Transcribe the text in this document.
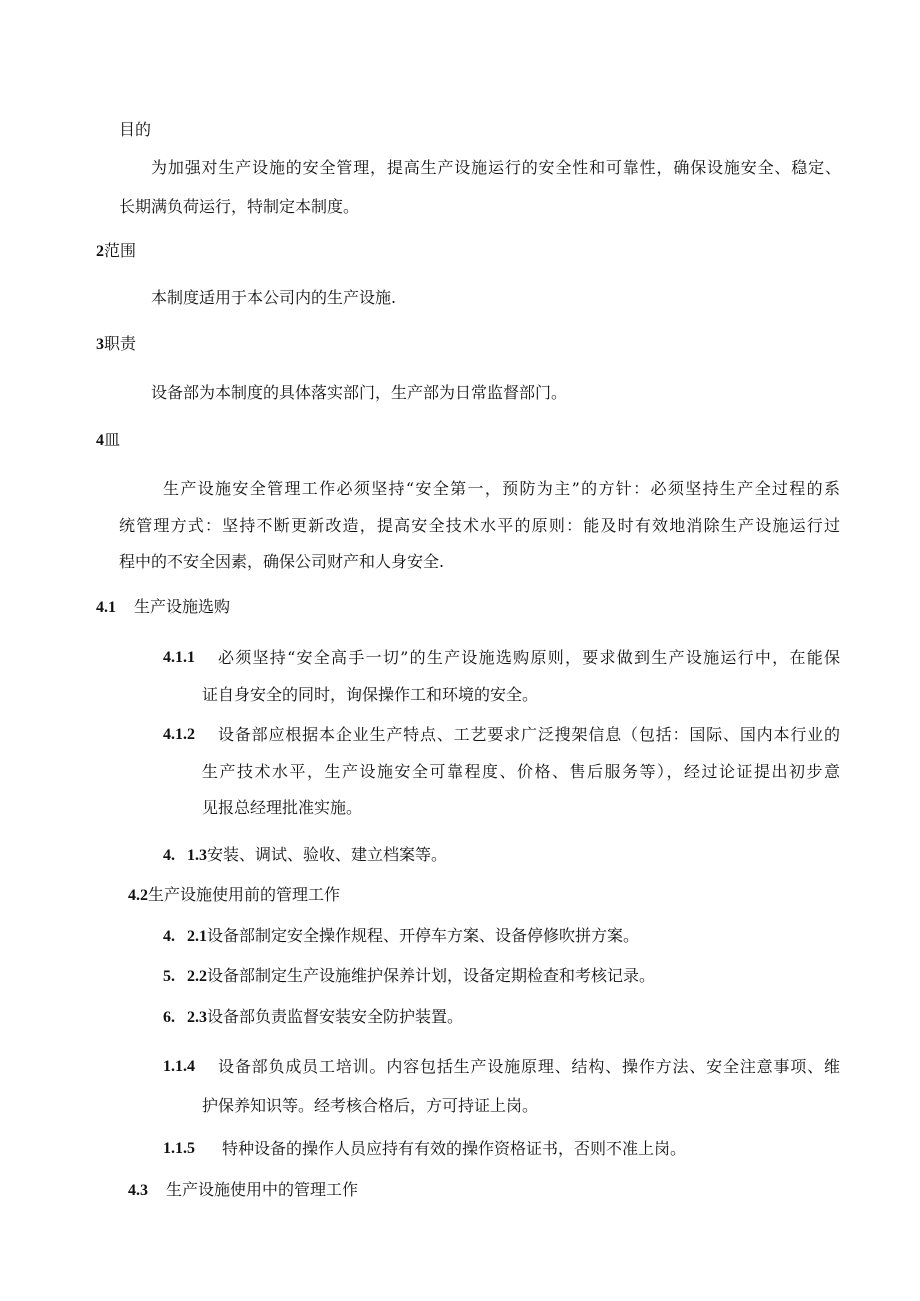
目的
为加强对生产设施的安全管理，提高生产设施运行的安全性和可靠性，确保设施安全、稳定、
长期满负荷运行，特制定本制度。
2范围
本制度适用于本公司内的生产设施.
3职责
设备部为本制度的具体落实部门，生产部为日常监督部门。
4皿
生产设施安全管理工作必须坚持“安全第一，预防为主”的方针：必须坚持生产全过程的系
统管理方式：坚持不断更新改造，提高安全技术水平的原则：能及时有效地消除生产设施运行过
程中的不安全因素，确保公司财产和人身安全.
4.1 生产设施选购
4.1.1 必须坚持“安全高手一切”的生产设施选购原则，要求做到生产设施运行中，在能保
证自身安全的同时，询保操作工和环境的安全。
4.1.2 设备部应根据本企业生产特点、工艺要求广泛搜架信息（包括：国际、国内本行业的
生产技术水平，生产设施安全可靠程度、价格、售后服务等），经过论证提出初步意
见报总经理批准实施。
4. 1.3安装、调试、验收、建立档案等。
4.2生产设施使用前的管理工作
4. 2.1设备部制定安全操作规程、开停车方案、设备停修吹拼方案。
5. 2.2设备部制定生产设施维护保养计划，设备定期检查和考核记录。
6. 2.3设备部负责监督安装安全防护装置。
1.1.4 设备部负成员工培训。内容包括生产设施原理、结构、操作方法、安全注意事项、维
护保养知识等。经考核合格后，方可持证上岗。
1.1.5 特种设备的操作人员应持有有效的操作资格证书，否则不准上岗。
4.3 生产设施使用中的管理工作
